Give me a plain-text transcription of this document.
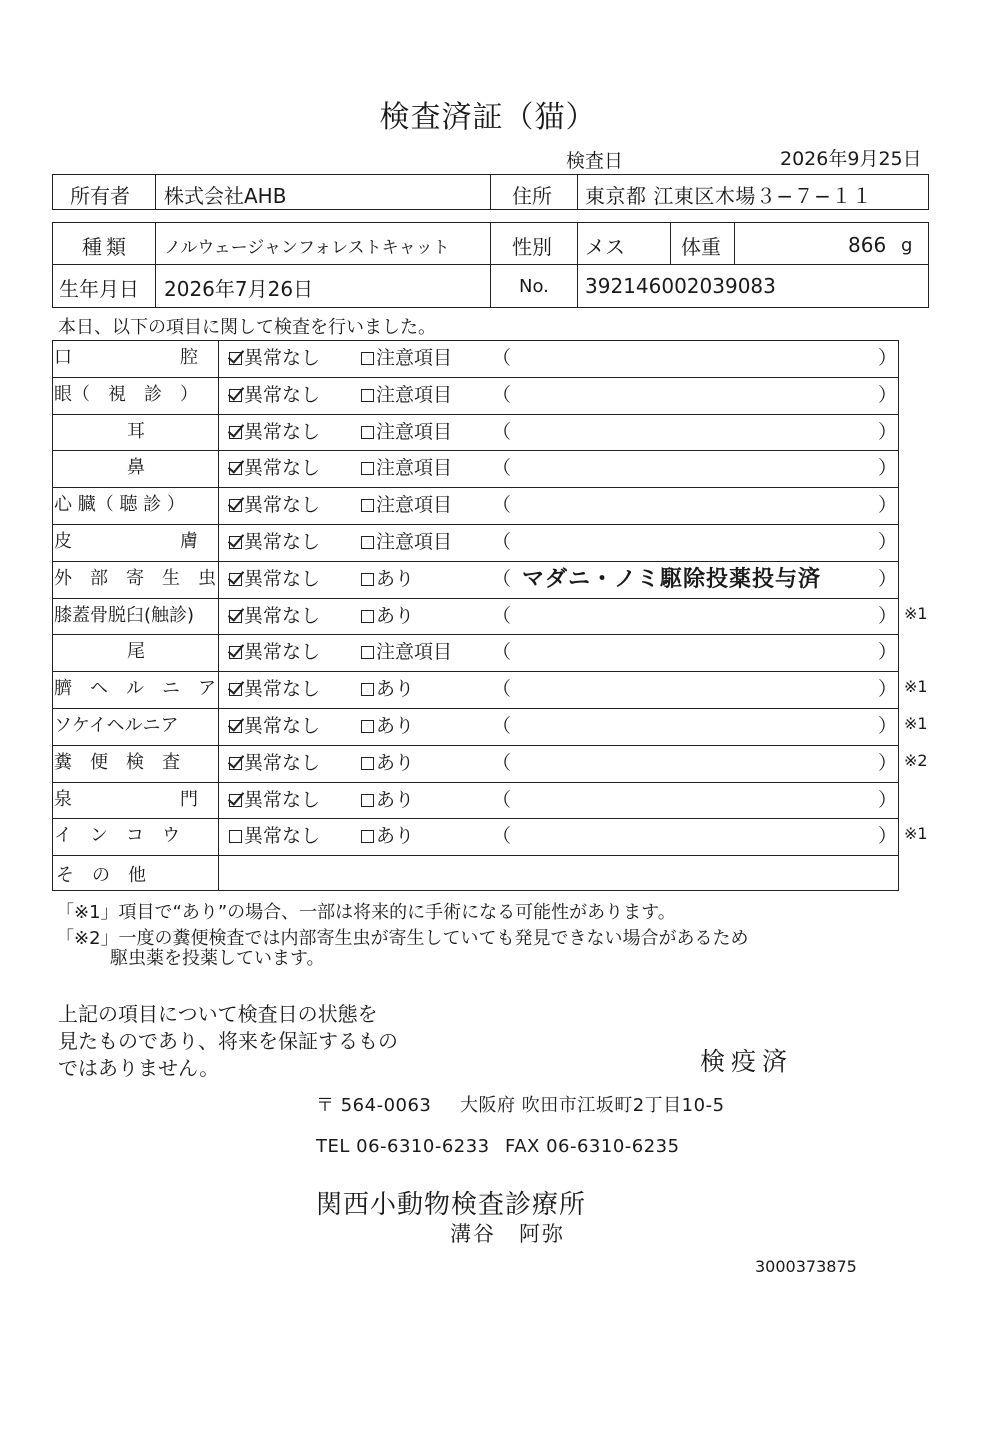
検査済証（猫）
検査日	2026年9月25日
所有者 株式会社AHB	住所 東京都 江東区木場３−７−１１
種類 ノルウェージャンフォレストキャット	性別 メス	体重	866 g
生年月日 2026年7月26日	No. 392146002039083
本日、以下の項目に関して検査を行いました。
口　　　　　　腔	異常なし	注意項目 （	）
眼（　視　診　）	異常なし	注意項目 （	）
耳	異常なし	注意項目 （	）
鼻	異常なし	注意項目 （	）
心 臓（ 聴 診 ）	異常なし	注意項目 （	）
皮　　　　　　膚	異常なし	注意項目 （	）
外　部　寄　生　虫	異常なし	あり	（ マダニ・ノミ駆除投薬投与済	）
膝蓋骨脱臼(触診)	異常なし	あり	（	） ※1
尾	異常なし	注意項目 （	）
臍　ヘ　ル　ニ　ア	異常なし	あり	（	） ※1
ソケイヘルニア	異常なし	あり	（	） ※1
糞　便　検　査	異常なし	あり	（	） ※2
泉　　　　　　門	異常なし	あり	（	）
イ　ン　コ　ウ	異常なし	あり	（	） ※1
そ　の　他
「※1」項目で“あり”の場合、一部は将来的に手術になる可能性があります。
「※2」一度の糞便検査では内部寄生虫が寄生していても発見できない場合があるため
駆虫薬を投薬しています。
上記の項目について検査日の状態を
見たものであり、将来を保証するもの
ではありません。	検疫済
〒 564-0063 大阪府 吹田市江坂町2丁目10-5
TEL 06-6310-6233 FAX 06-6310-6235
関西小動物検査診療所
溝谷　阿弥
3000373875
